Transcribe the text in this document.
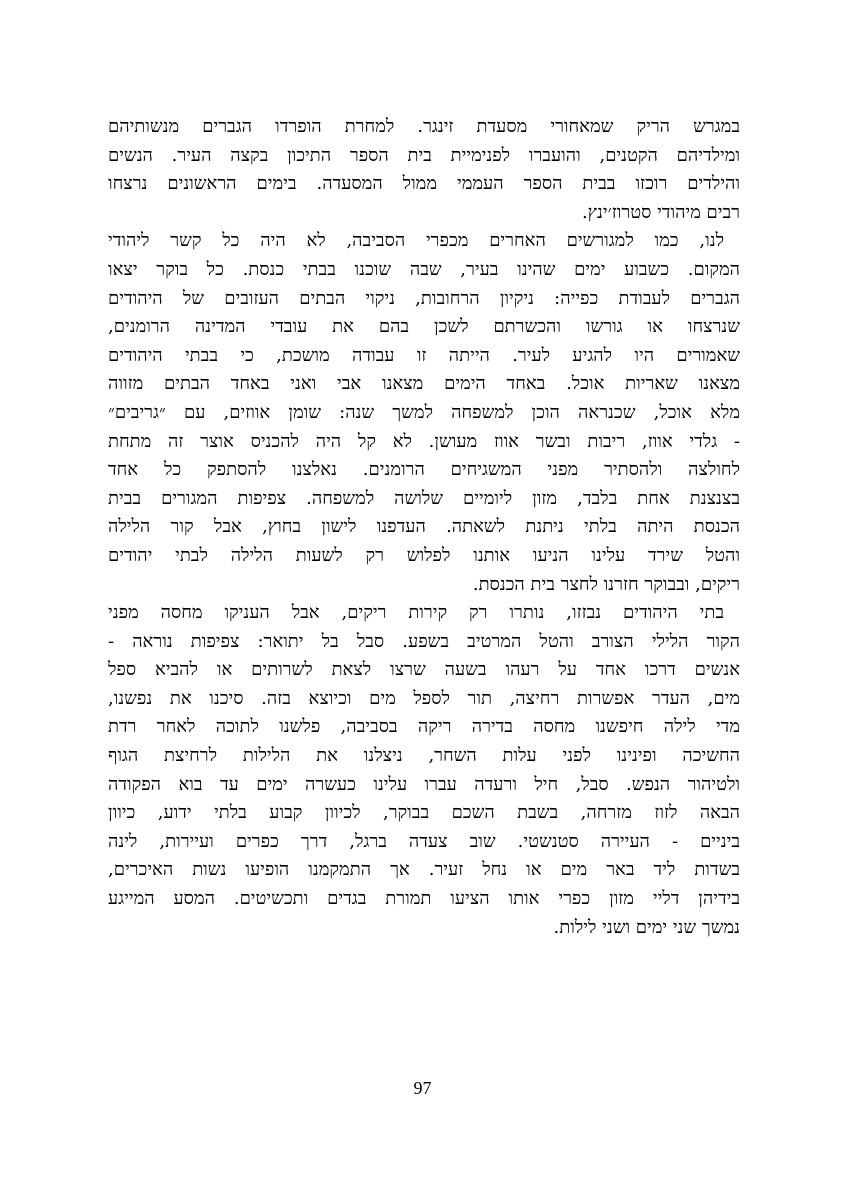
במגרש הריק שמאחורי מסעדת זינגר. למחרת הופרדו הגברים מנשותיהם
ומילדיהם הקטנים, והועברו לפנימיית בית הספר התיכון בקצה העיר. הנשים
והילדים רוכזו בבית הספר העממי ממול המסעדה. בימים הראשונים נרצחו
רבים מיהודי סטרוז׳ינץ.
לנו, כמו למגורשים האחרים מכפרי הסביבה, לא היה כל קשר ליהודי
המקום. כשבוע ימים שהינו בעיר, שבה שוכנו בבתי כנסת. כל בוקר יצאו
הגברים לעבודת כפייה: ניקיון הרחובות, ניקוי הבתים העזובים של היהודים
שנרצחו או גורשו והכשרתם לשכן בהם את עובדי המדינה הרומנים,
שאמורים היו להגיע לעיר. הייתה זו עבודה מושכת, כי בבתי היהודים
מצאנו שאריות אוכל. באחד הימים מצאנו אבי ואני באחד הבתים מזווה
מלא אוכל, שכנראה הוכן למשפחה למשך שנה: שומן אווזים, עם ״גריבים״
- גלדי אווז, ריבות ובשר אווז מעושן. לא קל היה להכניס אוצר זה מתחת
לחולצה ולהסתיר מפני המשגיחים הרומנים. נאלצנו להסתפק כל אחד
בצנצנת אחת בלבד, מזון ליומיים שלושה למשפחה. צפיפות המגורים בבית
הכנסת היתה בלתי ניתנת לשאתה. העדפנו לישון בחוץ, אבל קור הלילה
והטל שירד עלינו הניעו אותנו לפלוש רק לשעות הלילה לבתי יהודים
ריקים, ובבוקר חזרנו לחצר בית הכנסת.
בתי היהודים נבזזו, נותרו רק קירות ריקים, אבל העניקו מחסה מפני
הקור הלילי הצורב והטל המרטיב בשפע. סבל בל יתואר: צפיפות נוראה -
אנשים דרכו אחד על רעהו בשעה שרצו לצאת לשרותים או להביא ספל
מים, העדר אפשרות רחיצה, תור לספל מים וכיוצא בזה. סיכנו את נפשנו,
מדי לילה חיפשנו מחסה בדירה ריקה בסביבה, פלשנו לתוכה לאחר רדת
החשיכה ופינינו לפני עלות השחר, ניצלנו את הלילות לרחיצת הגוף
ולטיהור הנפש. סבל, חיל ורעדה עברו עלינו כעשרה ימים עד בוא הפקודה
הבאה לזוז מזרחה, בשבת השכם בבוקר, לכיוון קבוע בלתי ידוע, כיוון
ביניים - העיירה סטנשטי. שוב צעדה ברגל, דרך כפרים ועיירות, לינה
בשדות ליד באר מים או נחל זעיר. אך התמקמנו הופיעו נשות האיכרים,
בידיהן דליי מזון כפרי אותו הציעו תמורת בגדים ותכשיטים. המסע המייגע
נמשך שני ימים ושני לילות.
97
